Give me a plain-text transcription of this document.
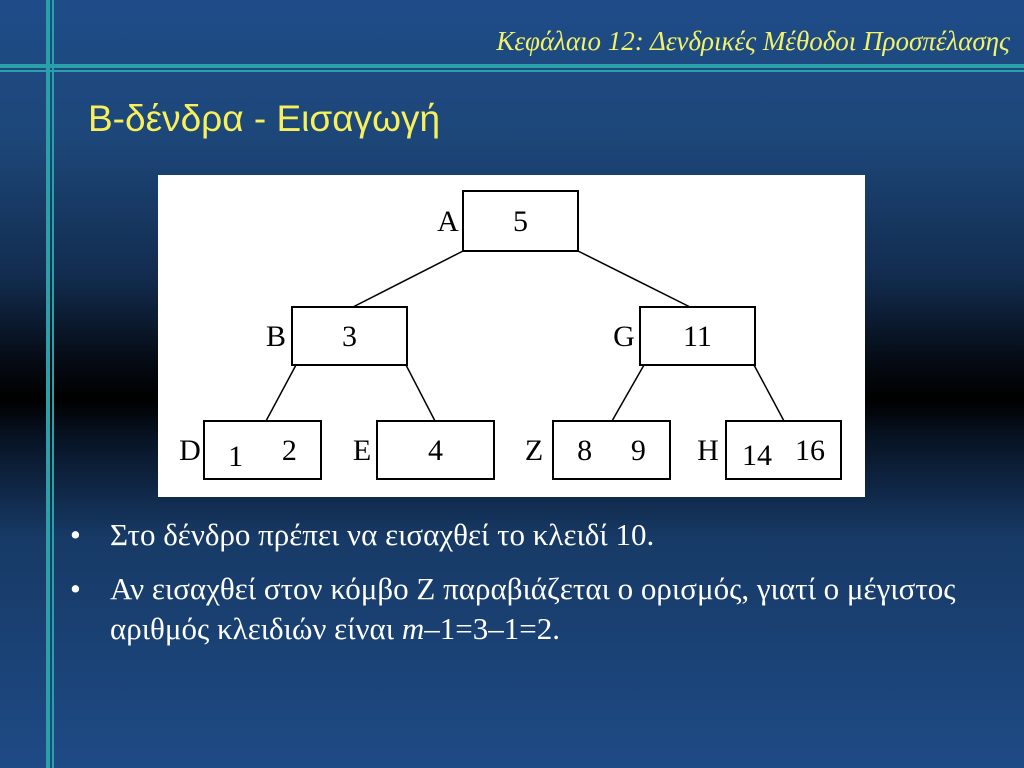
Κεφάλαιο 12: Δενδρικές Μέθοδοι Προσπέλασης
Β-δένδρα - Εισαγωγή
A 5
B 3	G 11
D 1 2 E 4	Z 8 9 H 14 16
• Στο δένδρο πρέπει να εισαχθεί το κλειδί 10.
• Αν εισαχθεί στον κόμβο Ζ παραβιάζεται ο ορισμός, γιατί ο μέγιστος αριθμός κλειδιών είναι m–1=3–1=2.
